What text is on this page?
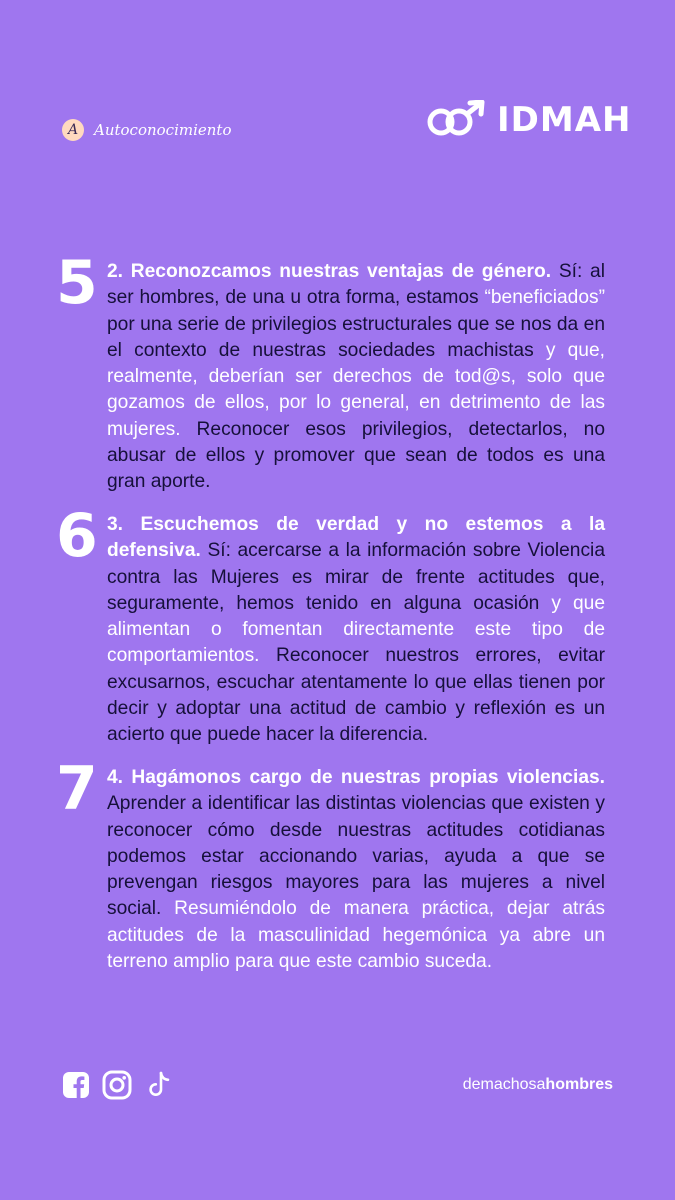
A	Autoconocimiento	IDMAH
5 2. Reconozcamos nuestras ventajas de género. Sí: al ser hombres, de una u otra forma, estamos “beneficiados” por una serie de privilegios estructurales que se nos da en el contexto de nuestras sociedades machistas y que, realmente, deberían ser derechos de tod@s, solo que gozamos de ellos, por lo general, en detrimento de las mujeres. Reconocer esos privilegios, detectarlos, no abusar de ellos y promover que sean de todos es una gran aporte.

6 3. Escuchemos de verdad y no estemos a la defensiva. Sí: acercarse a la información sobre Violencia contra las Mujeres es mirar de frente actitudes que, seguramente, hemos tenido en alguna ocasión y que alimentan o fomentan directamente este tipo de comportamientos. Reconocer nuestros errores, evitar excusarnos, escuchar atentamente lo que ellas tienen por decir y adoptar una actitud de cambio y reflexión es un acierto que puede hacer la diferencia.

7 4. Hagámonos cargo de nuestras propias violencias. Aprender a identificar las distintas violencias que existen y reconocer cómo desde nuestras actitudes cotidianas podemos estar accionando varias, ayuda a que se prevengan riesgos mayores para las mujeres a nivel social. Resumiéndolo de manera práctica, dejar atrás actitudes de la masculinidad hegemónica ya abre un terreno amplio para que este cambio suceda.

demachosahombres
